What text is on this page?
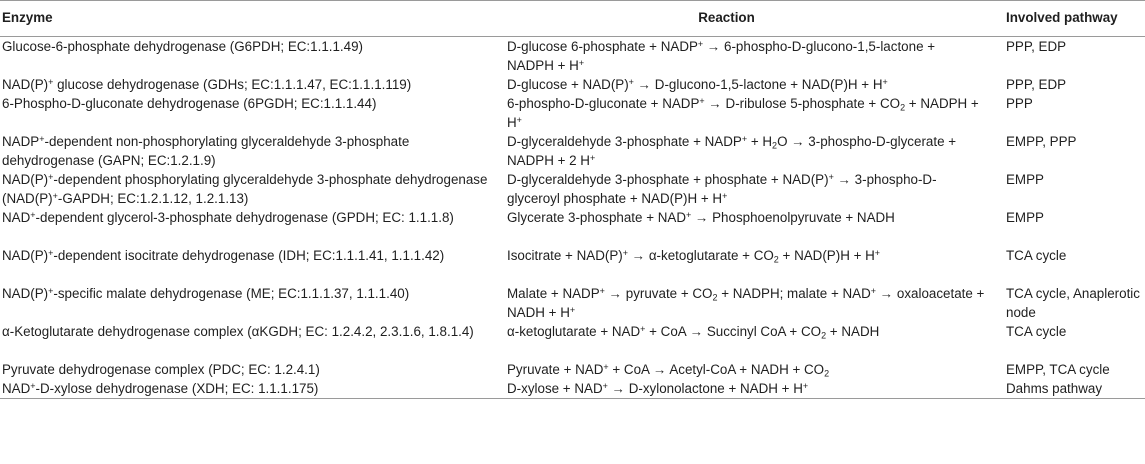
Enzyme	Reaction	Involved pathway
Glucose-6-phosphate dehydrogenase (G6PDH; EC:1.1.1.49)	D-glucose 6-phosphate + NADP+ → 6-phospho-D-glucono-1,5-lactone + NADPH + H+	PPP, EDP
NAD(P)+ glucose dehydrogenase (GDHs; EC:1.1.1.47, EC:1.1.1.119)	D-glucose + NAD(P)+ → D-glucono-1,5-lactone + NAD(P)H + H+	PPP, EDP
6-Phospho-D-gluconate dehydrogenase (6PGDH; EC:1.1.1.44)	6-phospho-D-gluconate + NADP+ → D-ribulose 5-phosphate + $CO_2$ + NADPH + H+	PPP
NADP+-dependent non-phosphorylating glyceraldehyde 3-phosphate dehydrogenase (GAPN; EC:1.2.1.9)	D-glyceraldehyde 3-phosphate + NADP+ + $H_2O$ → 3-phospho-D-glycerate + NADPH + 2 H+	EMPP, PPP
NAD(P)+-dependent phosphorylating glyceraldehyde 3-phosphate dehydrogenase (NAD(P)+-GAPDH; EC:1.2.1.12, 1.2.1.13)	D-glyceraldehyde 3-phosphate + phosphate + NAD(P)+ → 3-phospho-D-glyceroyl phosphate + NAD(P)H + H+	EMPP
NAD+-dependent glycerol-3-phosphate dehydrogenase (GPDH; EC: 1.1.1.8)	Glycerate 3-phosphate + NAD+ → Phosphoenolpyruvate + NADH	EMPP
NAD(P)+-dependent isocitrate dehydrogenase (IDH; EC:1.1.1.41, 1.1.1.42)	Isocitrate + NAD(P)+ → α-ketoglutarate + $CO_2 + NAD(P)H + H^+$	TCA cycle
NAD(P)+-specific malate dehydrogenase (ME; EC:1.1.1.37, 1.1.1.40)	Malate + NADP+ → pyruvate + $CO_2$ + NADPH; malate + NAD+ → oxaloacetate + NADH + H+	TCA cycle, Anaplerotic node
α-Ketoglutarate dehydrogenase complex (αKGDH; EC: 1.2.4.2, 2.3.1.6, 1.8.1.4)	α-ketoglutarate + NAD+ + CoA → Succinyl CoA + $CO_2$ + NADH	TCA cycle
Pyruvate dehydrogenase complex (PDC; EC: 1.2.4.1)	Pyruvate + NAD+ + CoA → Acetyl-CoA + NADH + $CO_2$	EMPP, TCA cycle
NAD+-D-xylose dehydrogenase (XDH; EC: 1.1.1.175)	D-xylose + NAD+ → D-xylonolactone + NADH + H+	Dahms pathway
